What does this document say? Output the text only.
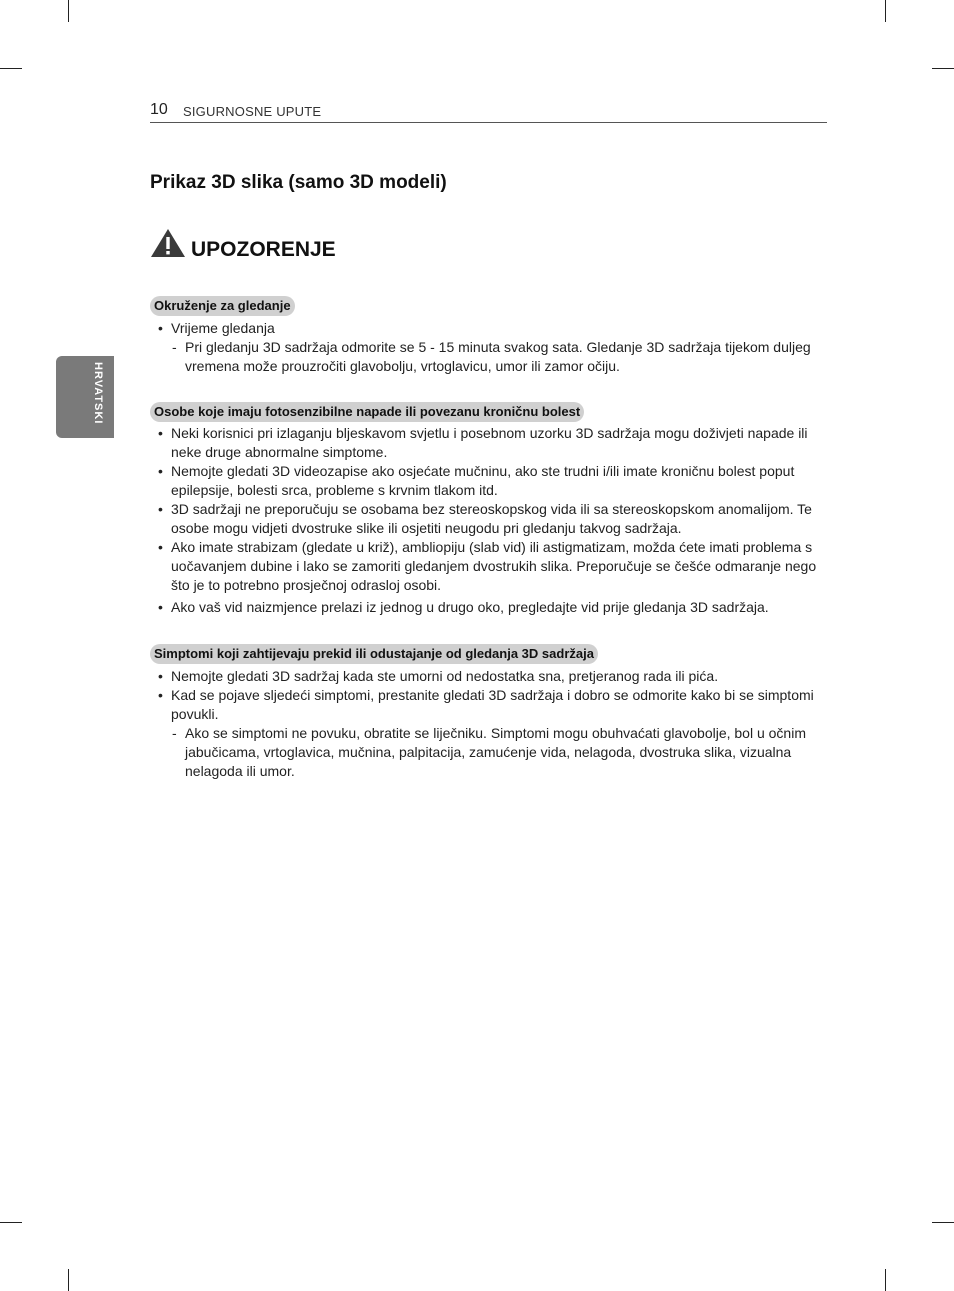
10 SIGURNOSNE UPUTE
HRVATSKI
Prikaz 3D slika (samo 3D modeli)
UPOZORENJE
Okruženje za gledanje
• Vrijeme gledanja
- Pri gledanju 3D sadržaja odmorite se 5 - 15 minuta svakog sata. Gledanje 3D sadržaja tijekom duljeg vremena može prouzročiti glavobolju, vrtoglavicu, umor ili zamor očiju.
Osobe koje imaju fotosenzibilne napade ili povezanu kroničnu bolest
• Neki korisnici pri izlaganju bljeskavom svjetlu i posebnom uzorku 3D sadržaja mogu doživjeti napade ili neke druge abnormalne simptome.
• Nemojte gledati 3D videozapise ako osjećate mučninu, ako ste trudni i/ili imate kroničnu bolest poput epilepsije, bolesti srca, probleme s krvnim tlakom itd.
• 3D sadržaji ne preporučuju se osobama bez stereoskopskog vida ili sa stereoskopskom anomalijom. Te osobe mogu vidjeti dvostruke slike ili osjetiti neugodu pri gledanju takvog sadržaja.
• Ako imate strabizam (gledate u križ), ambliopiju (slab vid) ili astigmatizam, možda ćete imati problema s uočavanjem dubine i lako se zamoriti gledanjem dvostrukih slika. Preporučuje se češće odmaranje nego što je to potrebno prosječnoj odrasloj osobi.
• Ako vaš vid naizmjence prelazi iz jednog u drugo oko, pregledajte vid prije gledanja 3D sadržaja.
Simptomi koji zahtijevaju prekid ili odustajanje od gledanja 3D sadržaja
• Nemojte gledati 3D sadržaj kada ste umorni od nedostatka sna, pretjeranog rada ili pića.
• Kad se pojave sljedeći simptomi, prestanite gledati 3D sadržaja i dobro se odmorite kako bi se simptomi povukli.
- Ako se simptomi ne povuku, obratite se liječniku. Simptomi mogu obuhvaćati glavobolje, bol u očnim jabučicama, vrtoglavica, mučnina, palpitacija, zamućenje vida, nelagoda, dvostruka slika, vizualna nelagoda ili umor.
